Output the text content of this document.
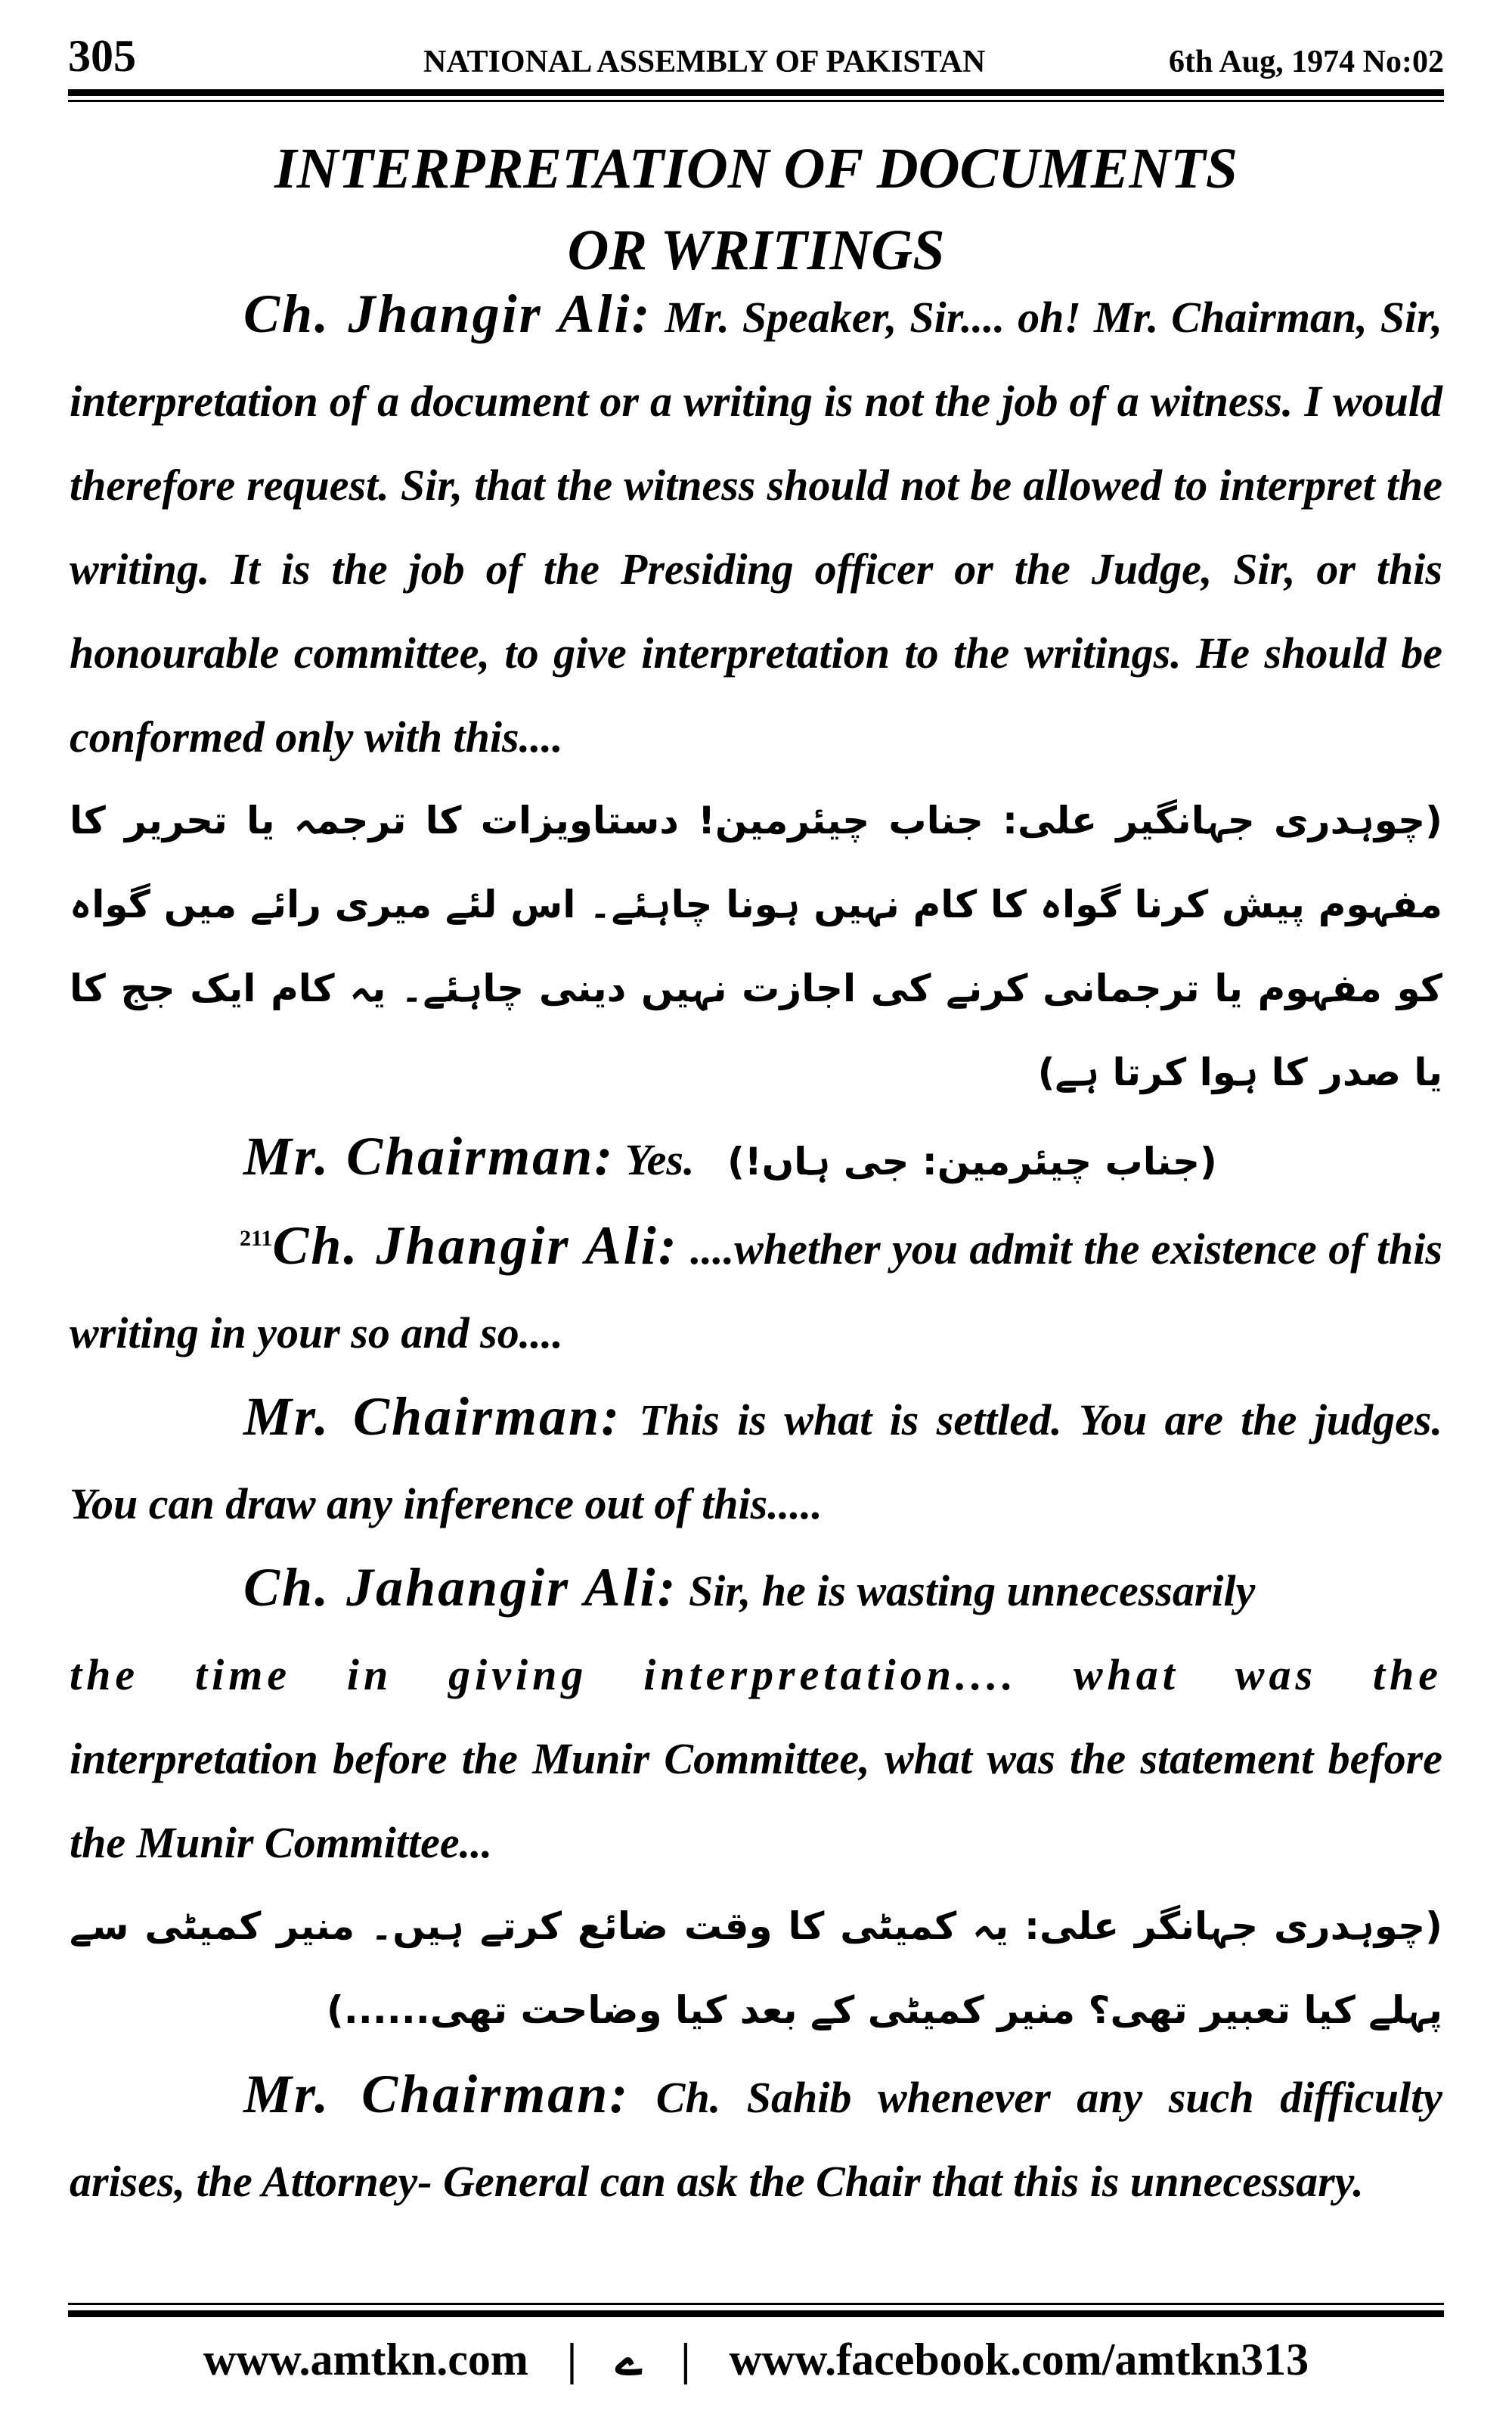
305	NATIONAL ASSEMBLY OF PAKISTAN	6th Aug, 1974 No:02
INTERPRETATION OF DOCUMENTS
OR WRITINGS

Ch. Jhangir Ali: Mr. Speaker, Sir.... oh! Mr. Chairman, Sir, interpretation of a document or a writing is not the job of a witness. I would therefore request. Sir, that the witness should not be allowed to interpret the writing. It is the job of the Presiding officer or the Judge, Sir, or this honourable committee, to give interpretation to the writings. He should be conformed only with this....

(چوہدری جہانگیر علی: جناب چیئرمین! دستاویزات کا ترجمہ یا تحریر کا مفہوم پیش کرنا گواہ کا کام نہیں ہونا چاہئے۔ اس لئے میری رائے میں گواہ کو مفہوم یا ترجمانی کرنے کی اجازت نہیں دینی چاہئے۔ یہ کام ایک جج کا یا صدر کا ہوا کرتا ہے)

Mr. Chairman: Yes. (جناب چیئرمین: جی ہاں!)

$^{211}$Ch. Jhangir Ali: ....whether you admit the existence of this writing in your so and so....

Mr. Chairman: This is what is settled. You are the judges. You can draw any inference out of this.....

Ch. Jahangir Ali: Sir, he is wasting unnecessarily
the time in giving interpretation.... what was the interpretation before the Munir Committee, what was the statement before the Munir Committee...

(چوہدری جہانگر علی: یہ کمیٹی کا وقت ضائع کرتے ہیں۔ منیر کمیٹی سے پہلے کیا تعبیر تھی؟ منیر کمیٹی کے بعد کیا وضاحت تھی......)

Mr. Chairman: Ch. Sahib whenever any such difficulty arises, the Attorney- General can ask the Chair that this is unnecessary.

www.amtkn.com | ے | www.facebook.com/amtkn313
